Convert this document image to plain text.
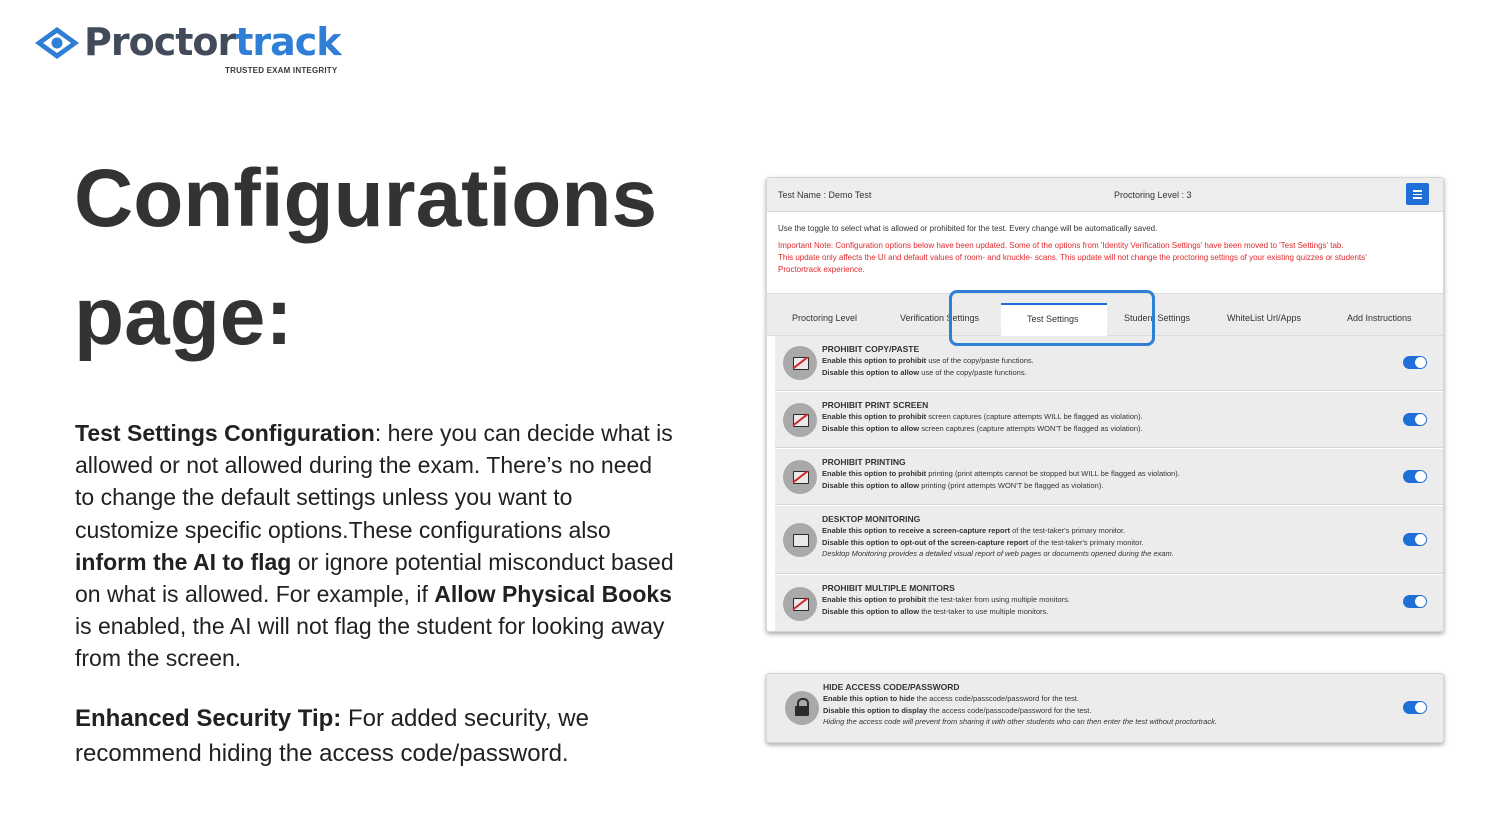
Proctortrack
TRUSTED EXAM INTEGRITY
Configurations
page:

Test Settings Configuration: here you can decide what is allowed or not allowed during the exam. There’s no need to change the default settings unless you want to customize specific options.These configurations also inform the AI to flag or ignore potential misconduct based on what is allowed. For example, if Allow Physical Books is enabled, the AI will not flag the student for looking away from the screen.

Enhanced Security Tip: For added security, we recommend hiding the access code/password.

Test Name : Demo Test	Proctoring Level : 3
Use the toggle to select what is allowed or prohibited for the test. Every change will be automatically saved.
Important Note: Configuration options below have been updated. Some of the options from 'Identity Verification Settings' have been moved to 'Test Settings' tab.
This update only affects the UI and default values of room- and knuckle- scans. This update will not change the proctoring settings of your existing quizzes or students'
Proctortrack experience.
Proctoring Level	Verification Settings	Test Settings	Student Settings	WhiteList Url/Apps	Add Instructions
PROHIBIT COPY/PASTE
Enable this option to prohibit use of the copy/paste functions.
Disable this option to allow use of the copy/paste functions.
PROHIBIT PRINT SCREEN
Enable this option to prohibit screen captures (capture attempts WILL be flagged as violation).
Disable this option to allow screen captures (capture attempts WON'T be flagged as violation).
PROHIBIT PRINTING
Enable this option to prohibit printing (print attempts cannot be stopped but WILL be flagged as violation).
Disable this option to allow printing (print attempts WON'T be flagged as violation).
DESKTOP MONITORING
Enable this option to receive a screen-capture report of the test-taker's primary monitor.
Disable this option to opt-out of the screen-capture report of the test-taker's primary monitor.
Desktop Monitoring provides a detailed visual report of web pages or documents opened during the exam.
PROHIBIT MULTIPLE MONITORS
Enable this option to prohibit the test-taker from using multiple monitors.
Disable this option to allow the test-taker to use multiple monitors.
HIDE ACCESS CODE/PASSWORD
Enable this option to hide the access code/passcode/password for the test.
Disable this option to display the access code/passcode/password for the test.
Hiding the access code will prevent from sharing it with other students who can then enter the test without proctortrack.
